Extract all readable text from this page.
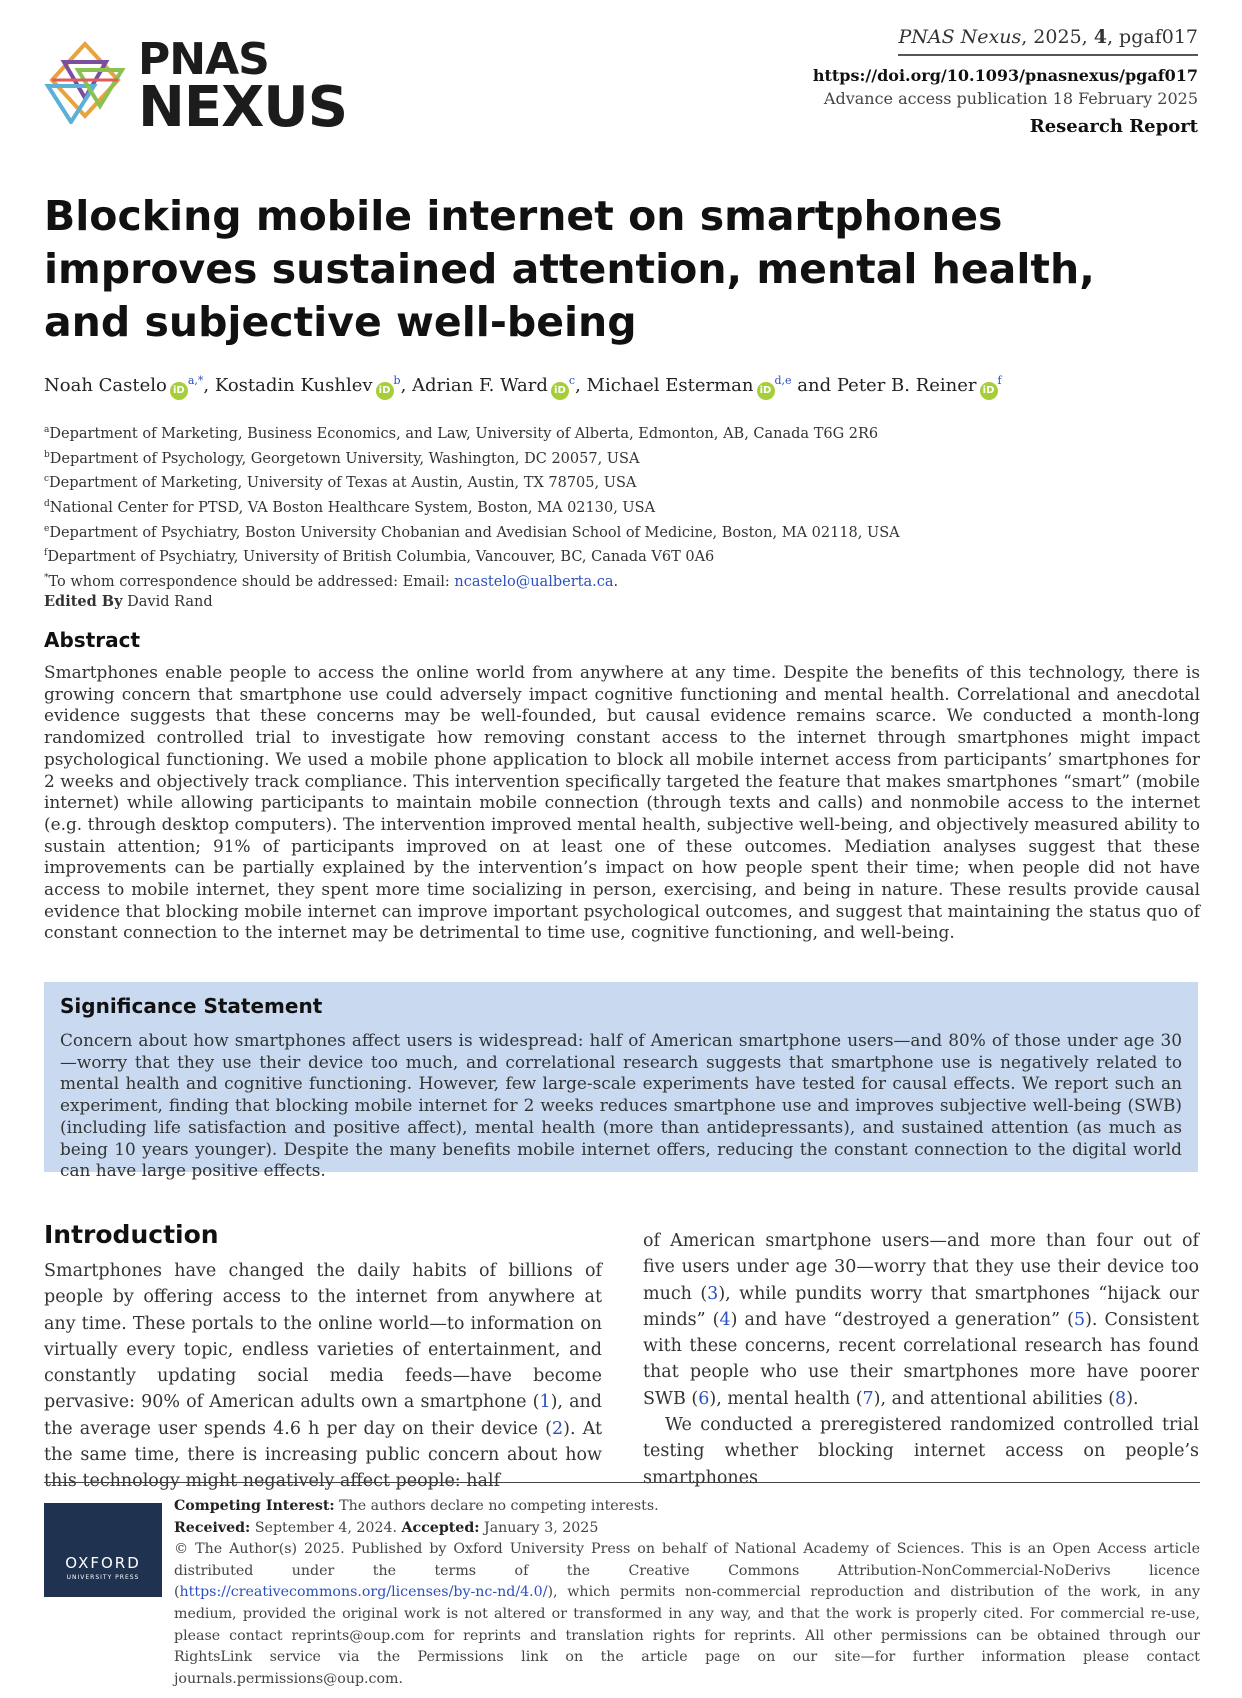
PNAS
NEXUS
PNAS Nexus, 2025, 4, pgaf017
https://doi.org/10.1093/pnasnexus/pgaf017
Advance access publication 18 February 2025
Research Report
Blocking mobile internet on smartphones improves sustained attention, mental health, and subjective well-being
Noah Castelo $iD^{a,*}$, Kostadin Kushlev $iD^b$, Adrian F. Ward $iD^c$, Michael Esterman iD$^{d,e}$ and Peter B. Reiner $iD^f$
$^a$Department of Marketing, Business Economics, and Law, University of Alberta, Edmonton, AB, Canada T6G 2R6
$^b$Department of Psychology, Georgetown University, Washington, DC 20057, USA
$^c$Department of Marketing, University of Texas at Austin, Austin, TX 78705, USA
$^d$National Center for PTSD, VA Boston Healthcare System, Boston, MA 02130, USA
$^e$Department of Psychiatry, Boston University Chobanian and Avedisian School of Medicine, Boston, MA 02118, USA
$^f$Department of Psychiatry, University of British Columbia, Vancouver, BC, Canada V6T 0A6
*To whom correspondence should be addressed: Email: ncastelo@ualberta.ca.
Edited By David Rand
Abstract

Smartphones enable people to access the online world from anywhere at any time. Despite the benefits of this technology, there is growing concern that smartphone use could adversely impact cognitive functioning and mental health. Correlational and anecdotal evidence suggests that these concerns may be well-founded, but causal evidence remains scarce. We conducted a month-long randomized controlled trial to investigate how removing constant access to the internet through smartphones might impact psychological functioning. We used a mobile phone application to block all mobile internet access from participants’ smartphones for 2 weeks and objectively track compliance. This intervention specifically targeted the feature that makes smartphones “smart” (mobile internet) while allowing participants to maintain mobile connection (through texts and calls) and nonmobile access to the internet (e.g. through desktop computers). The intervention improved mental health, subjective well-being, and objectively measured ability to sustain attention; 91% of participants improved on at least one of these outcomes. Mediation analyses suggest that these improvements can be partially explained by the intervention’s impact on how people spent their time; when people did not have access to mobile internet, they spent more time socializing in person, exercising, and being in nature. These results provide causal evidence that blocking mobile internet can improve important psychological outcomes, and suggest that maintaining the status quo of constant connection to the internet may be detrimental to time use, cognitive functioning, and well-being.

Significance Statement

Concern about how smartphones affect users is widespread: half of American smartphone users—and 80% of those under age 30—worry that they use their device too much, and correlational research suggests that smartphone use is negatively related to mental health and cognitive functioning. However, few large-scale experiments have tested for causal effects. We report such an experiment, finding that blocking mobile internet for 2 weeks reduces smartphone use and improves subjective well-being (SWB) (including life satisfaction and positive affect), mental health (more than antidepressants), and sustained attention (as much as being 10 years younger). Despite the many benefits mobile internet offers, reducing the constant connection to the digital world can have large positive effects.

Introduction

Smartphones have changed the daily habits of billions of people by offering access to the internet from anywhere at any time. These portals to the online world—to information on virtually every topic, endless varieties of entertainment, and constantly updating social media feeds—have become pervasive: 90% of American adults own a smartphone (1), and the average user spends 4.6 h per day on their device (2). At the same time, there is increasing public concern about how this technology might negatively affect people: half

of American smartphone users—and more than four out of five users under age 30—worry that they use their device too much (3), while pundits worry that smartphones “hijack our minds” (4) and have “destroyed a generation” (5). Consistent with these concerns, recent correlational research has found that people who use their smartphones more have poorer SWB (6), mental health (7), and attentional abilities (8).

We conducted a preregistered randomized controlled trial testing whether blocking internet access on people’s smartphones

OXFORD
UNIVERSITY PRESS
Competing Interest: The authors declare no competing interests.
Received: September 4, 2024. Accepted: January 3, 2025
© The Author(s) 2025. Published by Oxford University Press on behalf of National Academy of Sciences. This is an Open Access article distributed under the terms of the Creative Commons Attribution-NonCommercial-NoDerivs licence (https://creativecommons.org/licenses/by-nc-nd/4.0/), which permits non-commercial reproduction and distribution of the work, in any medium, provided the original work is not altered or transformed in any way, and that the work is properly cited. For commercial re-use, please contact reprints@oup.com for reprints and translation rights for reprints. All other permissions can be obtained through our RightsLink service via the Permissions link on the article page on our site—for further information please contact journals.permissions@oup.com.
